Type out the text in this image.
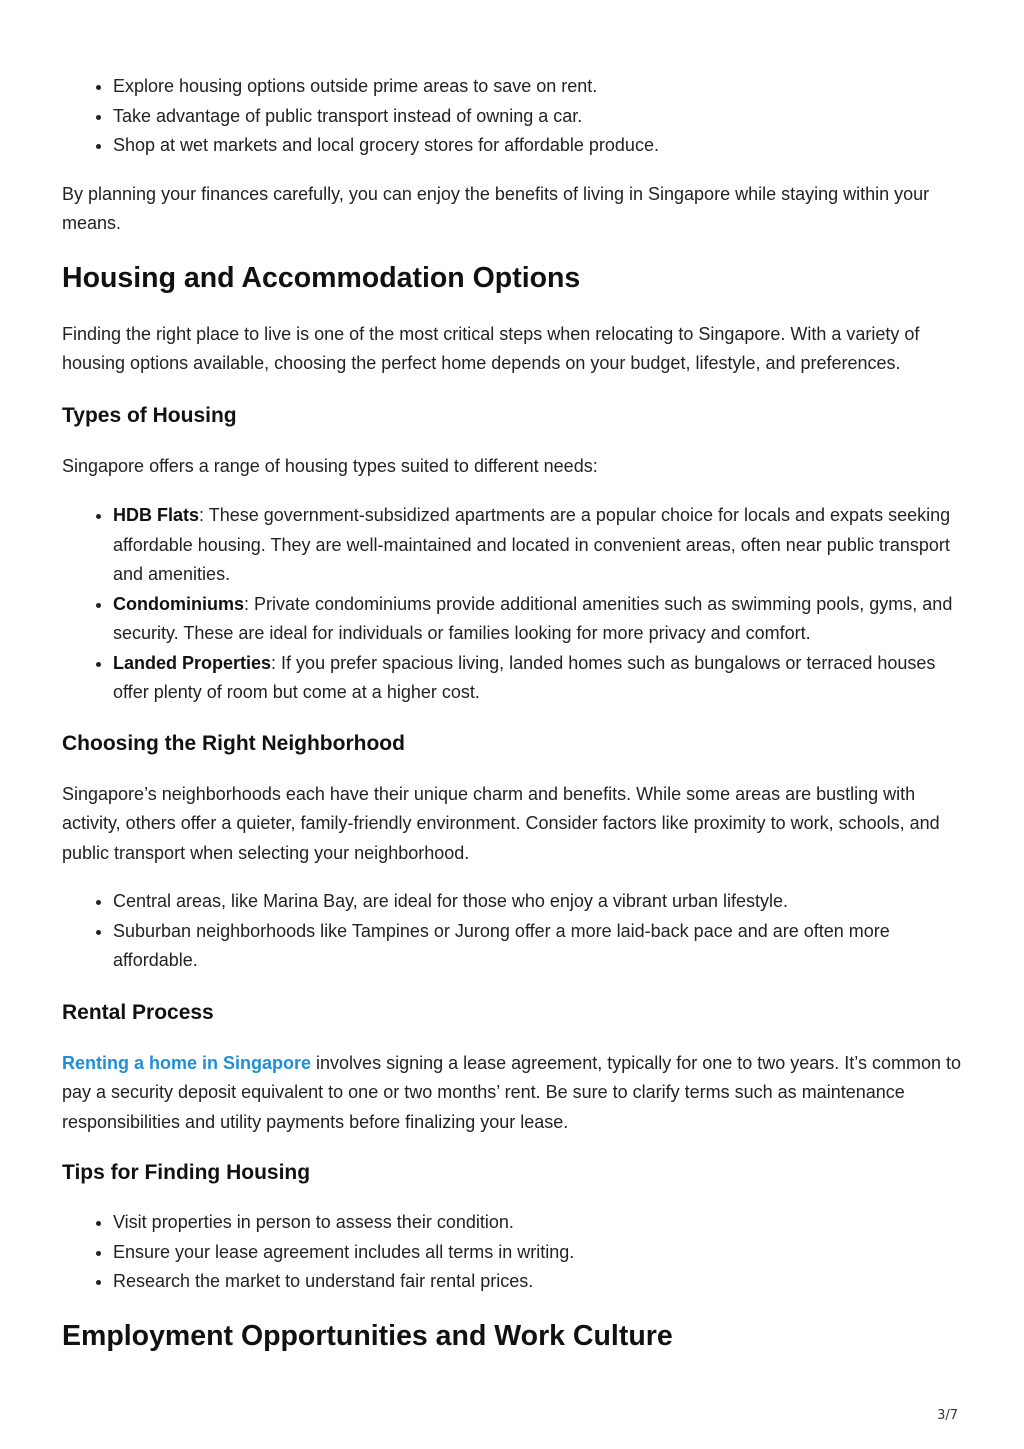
• Explore housing options outside prime areas to save on rent.
• Take advantage of public transport instead of owning a car.
• Shop at wet markets and local grocery stores for affordable produce.

By planning your finances carefully, you can enjoy the benefits of living in Singapore while staying within your means.

Housing and Accommodation Options

Finding the right place to live is one of the most critical steps when relocating to Singapore. With a variety of housing options available, choosing the perfect home depends on your budget, lifestyle, and preferences.

Types of Housing

Singapore offers a range of housing types suited to different needs:

• HDB Flats: These government-subsidized apartments are a popular choice for locals and expats seeking affordable housing. They are well-maintained and located in convenient areas, often near public transport and amenities.
• Condominiums: Private condominiums provide additional amenities such as swimming pools, gyms, and security. These are ideal for individuals or families looking for more privacy and comfort.
• Landed Properties: If you prefer spacious living, landed homes such as bungalows or terraced houses offer plenty of room but come at a higher cost.
Choosing the Right Neighborhood

Singapore’s neighborhoods each have their unique charm and benefits. While some areas are bustling with activity, others offer a quieter, family-friendly environment. Consider factors like proximity to work, schools, and public transport when selecting your neighborhood.

• Central areas, like Marina Bay, are ideal for those who enjoy a vibrant urban lifestyle.
• Suburban neighborhoods like Tampines or Jurong offer a more laid-back pace and are often more affordable.
Rental Process

Renting a home in Singapore involves signing a lease agreement, typically for one to two years. It’s common to pay a security deposit equivalent to one or two months’ rent. Be sure to clarify terms such as maintenance responsibilities and utility payments before finalizing your lease.

Tips for Finding Housing
• Visit properties in person to assess their condition.
• Ensure your lease agreement includes all terms in writing.
• Research the market to understand fair rental prices.
Employment Opportunities and Work Culture
3/7
